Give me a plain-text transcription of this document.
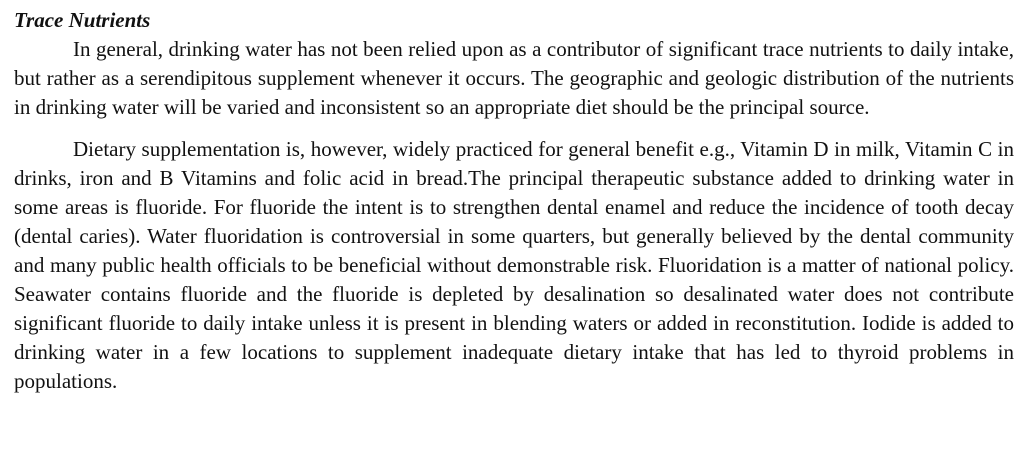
Trace Nutrients

In general, drinking water has not been relied upon as a contributor of significant trace nutrients to daily intake, but rather as a serendipitous supplement whenever it occurs. The geographic and geologic distribution of the nutrients in drinking water will be varied and inconsistent so an appropriate diet should be the principal source.

Dietary supplementation is, however, widely practiced for general benefit e.g., Vitamin D in milk, Vitamin C in drinks, iron and B Vitamins and folic acid in bread.The principal therapeutic substance added to drinking water in some areas is fluoride. For fluoride the intent is to strengthen dental enamel and reduce the incidence of tooth decay (dental caries). Water fluoridation is controversial in some quarters, but generally believed by the dental community and many public health officials to be beneficial without demonstrable risk. Fluoridation is a matter of national policy. Seawater contains fluoride and the fluoride is depleted by desalination so desalinated water does not contribute significant fluoride to daily intake unless it is present in blending waters or added in reconstitution. Iodide is added to drinking water in a few locations to supplement inadequate dietary intake that has led to thyroid problems in populations.
